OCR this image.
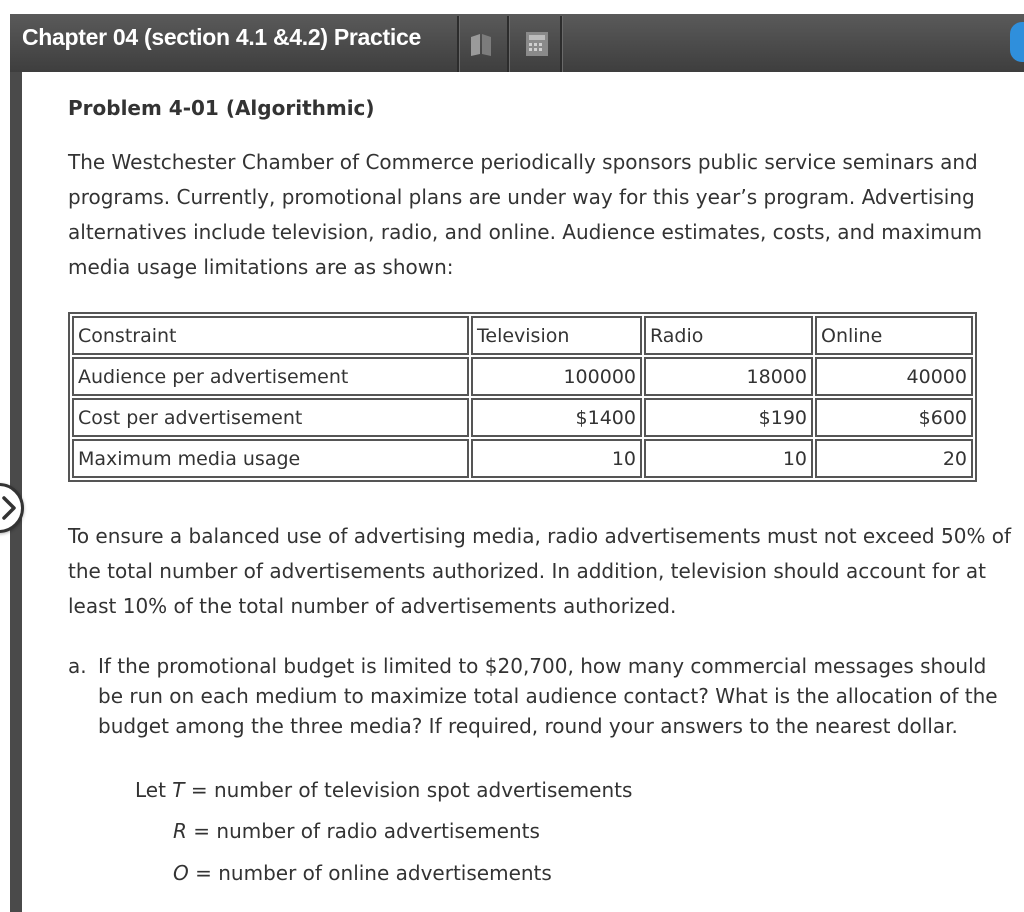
Chapter 04 (section 4.1 &4.2) Practice
Problem 4-01 (Algorithmic)

The Westchester Chamber of Commerce periodically sponsors public service seminars and programs. Currently, promotional plans are under way for this year’s program. Advertising alternatives include television, radio, and online. Audience estimates, costs, and maximum media usage limitations are as shown:

Constraint	Television	Radio	Online
Audience per advertisement	100000	18000	40000
Cost per advertisement	$1400	$190	$600
Maximum media usage	10	10	20

To ensure a balanced use of advertising media, radio advertisements must not exceed 50% of the total number of advertisements authorized. In addition, television should account for at least 10% of the total number of advertisements authorized.

a. If the promotional budget is limited to $20,700, how many commercial messages should be run on each medium to maximize total audience contact? What is the allocation of the budget among the three media? If required, round your answers to the nearest dollar.

Let T = number of television spot advertisements
R = number of radio advertisements
O = number of online advertisements
